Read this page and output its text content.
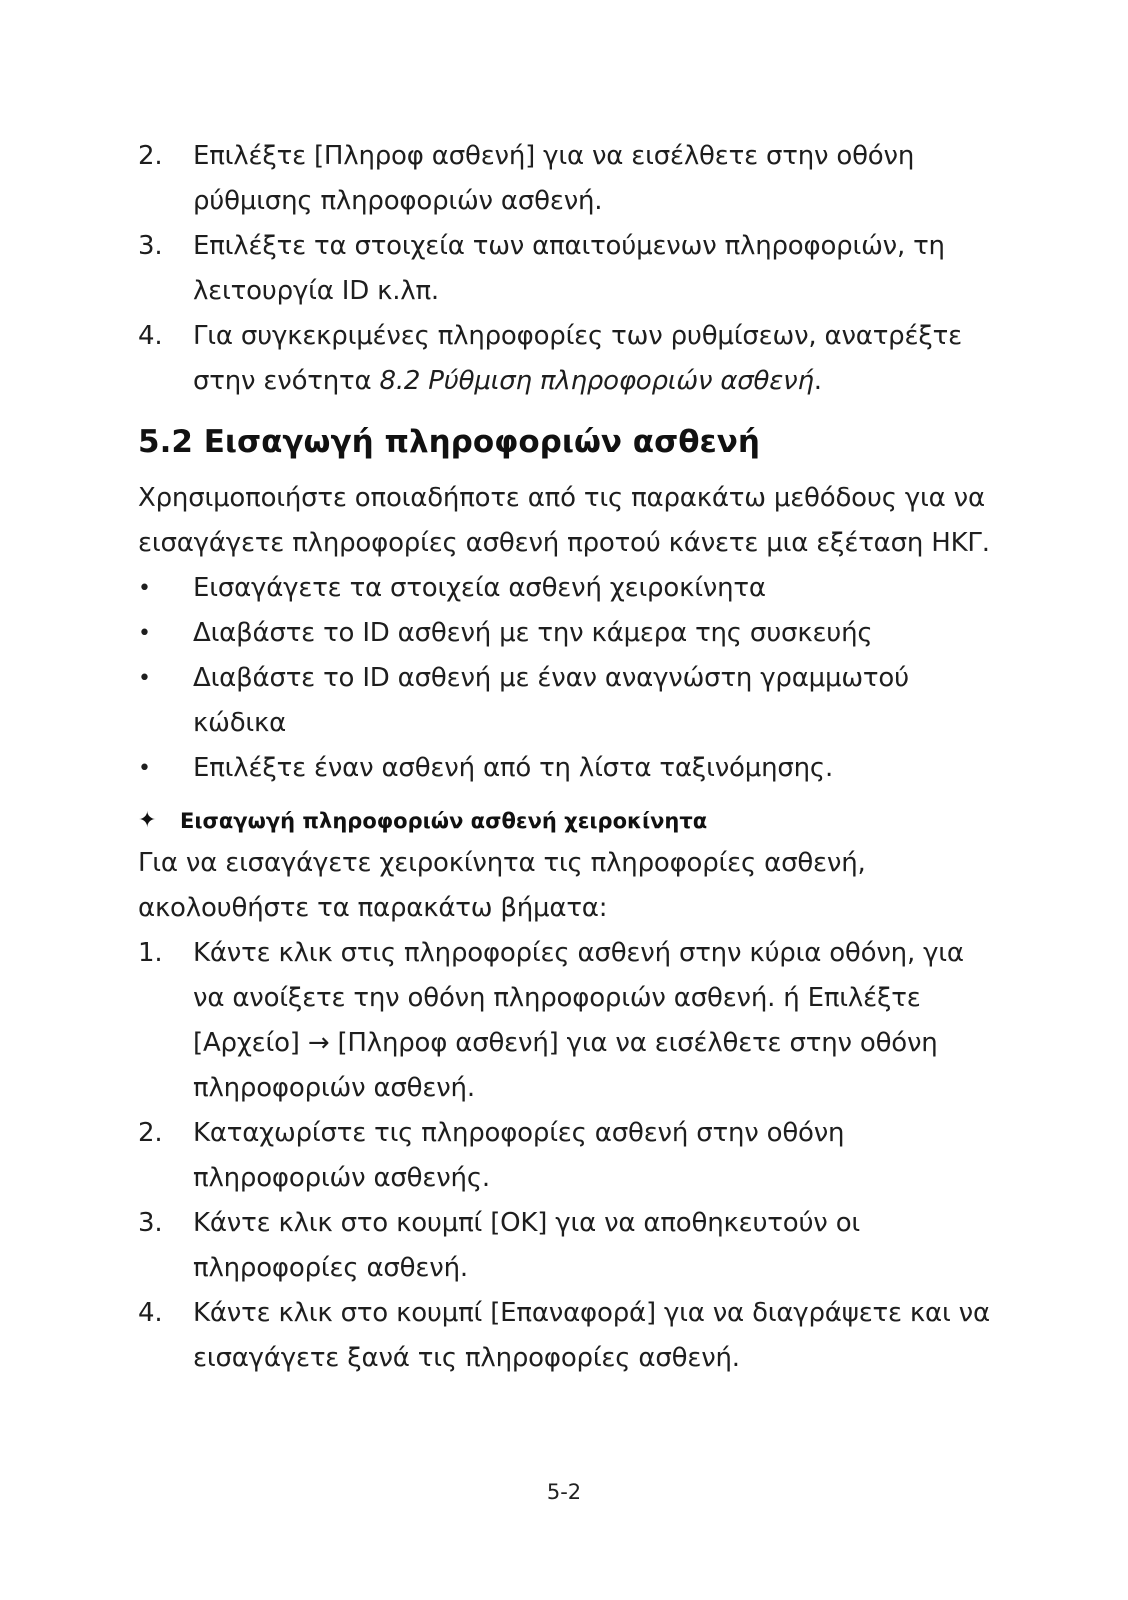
2.	Επιλέξτε [Πληροφ ασθενή] για να εισέλθετε στην οθόνη ρύθμισης πληροφοριών ασθενή.
3.	Επιλέξτε τα στοιχεία των απαιτούμενων πληροφοριών, τη λειτουργία ID κ.λπ.
4.	Για συγκεκριμένες πληροφορίες των ρυθμίσεων, ανατρέξτε στην ενότητα 8.2 Ρύθμιση πληροφοριών ασθενή.
5.2 Εισαγωγή πληροφοριών ασθενή

Χρησιμοποιήστε οποιαδήποτε από τις παρακάτω μεθόδους για να εισαγάγετε πληροφορίες ασθενή προτού κάνετε μια εξέταση ΗΚΓ.

•	Εισαγάγετε τα στοιχεία ασθενή χειροκίνητα
•	Διαβάστε το ID ασθενή με την κάμερα της συσκευής
•	Διαβάστε το ID ασθενή με έναν αναγνώστη γραμμωτού κώδικα
•	Επιλέξτε έναν ασθενή από τη λίστα ταξινόμησης.
✦	Εισαγωγή πληροφοριών ασθενή χειροκίνητα

Για να εισαγάγετε χειροκίνητα τις πληροφορίες ασθενή, ακολουθήστε τα παρακάτω βήματα:

1.	Κάντε κλικ στις πληροφορίες ασθενή στην κύρια οθόνη, για να ανοίξετε την οθόνη πληροφοριών ασθενή. ή Επιλέξτε [Αρχείο] → [Πληροφ ασθενή] για να εισέλθετε στην οθόνη πληροφοριών ασθενή.
2.	Καταχωρίστε τις πληροφορίες ασθενή στην οθόνη πληροφοριών ασθενής.
3.	Κάντε κλικ στο κουμπί [OK] για να αποθηκευτούν οι πληροφορίες ασθενή.
4.	Κάντε κλικ στο κουμπί [Επαναφορά] για να διαγράψετε και να εισαγάγετε ξανά τις πληροφορίες ασθενή.
5-2
